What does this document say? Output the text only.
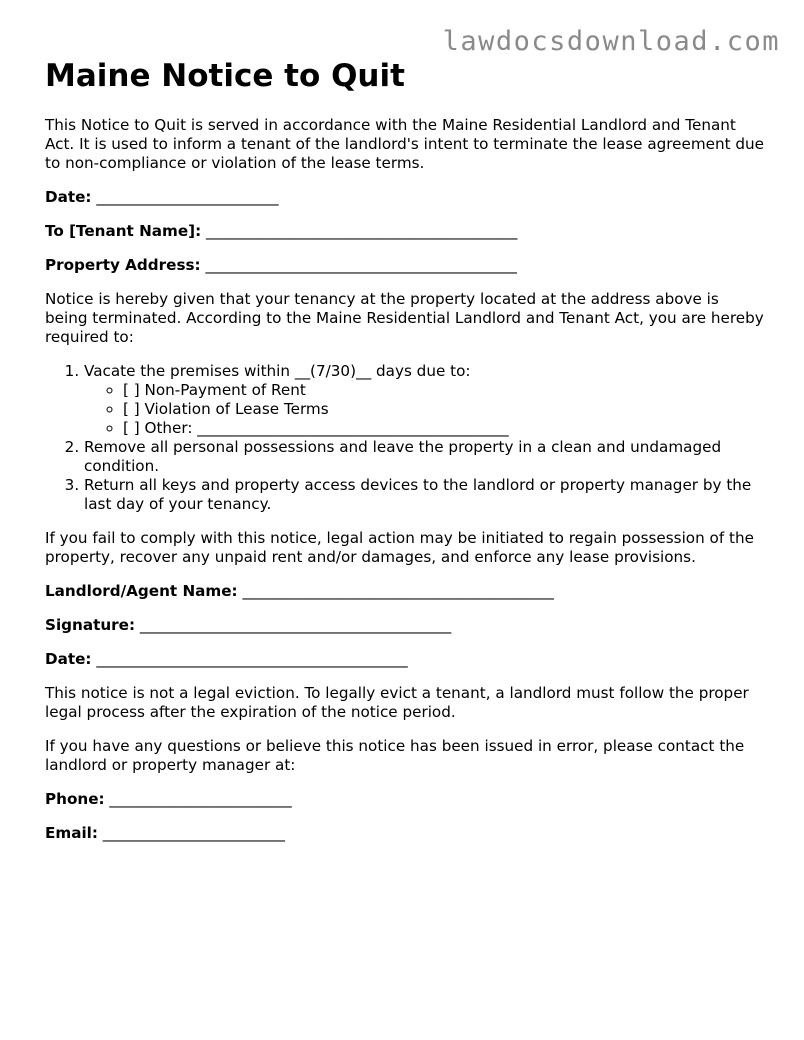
lawdocsdownload.com
Maine Notice to Quit

This Notice to Quit is served in accordance with the Maine Residential Landlord and Tenant Act. It is used to inform a tenant of the landlord's intent to terminate the lease agreement due to non-compliance or violation of the lease terms.

Date: ________________________

To [Tenant Name]: _________________________________________

Property Address: _________________________________________

Notice is hereby given that your tenancy at the property located at the address above is being terminated. According to the Maine Residential Landlord and Tenant Act, you are hereby required to:

1. Vacate the premises within __(7/30)__ days due to:
◦ [ ] Non-Payment of Rent
◦ [ ] Violation of Lease Terms
◦ [ ] Other: _________________________________________
2. Remove all personal possessions and leave the property in a clean and undamaged condition.
3. Return all keys and property access devices to the landlord or property manager by the last day of your tenancy.

If you fail to comply with this notice, legal action may be initiated to regain possession of the property, recover any unpaid rent and/or damages, and enforce any lease provisions.

Landlord/Agent Name: _________________________________________

Signature: _________________________________________

Date: _________________________________________

This notice is not a legal eviction. To legally evict a tenant, a landlord must follow the proper legal process after the expiration of the notice period.

If you have any questions or believe this notice has been issued in error, please contact the landlord or property manager at:

Phone: ________________________

Email: ________________________
